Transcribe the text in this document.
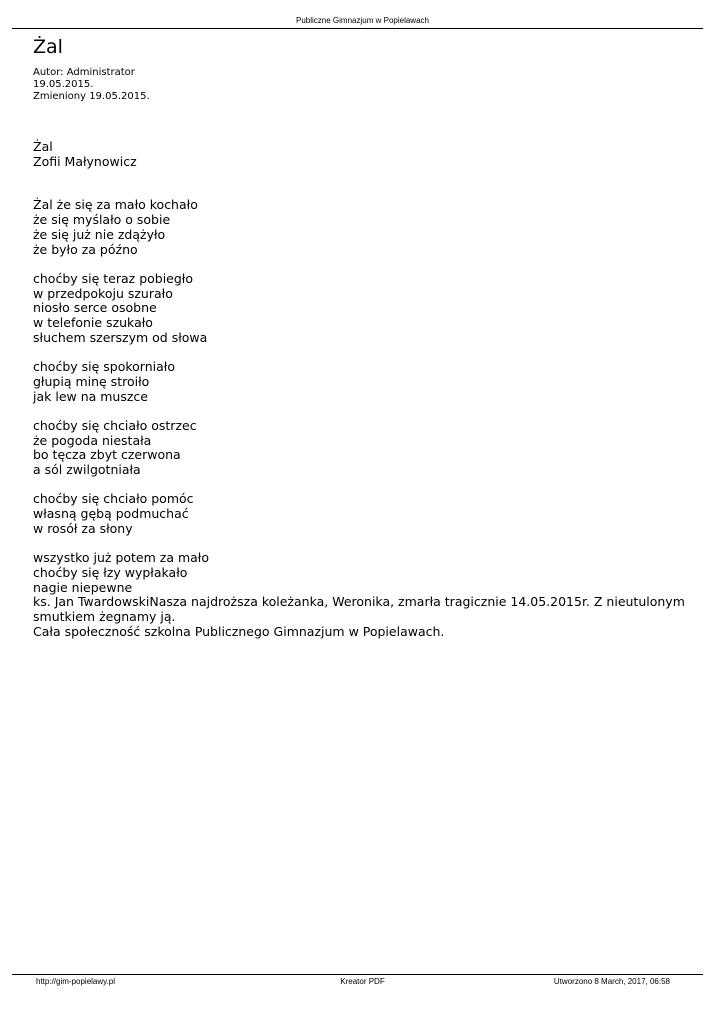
Publiczne Gimnazjum w Popielawach
Żal
Autor: Administrator
19.05.2015.
Zmieniony 19.05.2015.

Żal

Zofii Małynowicz

Żal że się za mało kochało
że się myślało o sobie
że się już nie zdążyło
że było za późno
choćby się teraz pobiegło
w przedpokoju szurało
niosło serce osobne
w telefonie szukało
słuchem szerszym od słowa
choćby się spokorniało
głupią minę stroiło
jak lew na muszce
choćby się chciało ostrzec
że pogoda niestała
bo tęcza zbyt czerwona
a sól zwilgotniała
choćby się chciało pomóc
własną gębą podmuchać
w rosół za słony
wszystko już potem za mało
choćby się łzy wypłakało
nagie niepewne

ks. Jan TwardowskiNasza najdroższa koleżanka, Weronika, zmarła tragicznie 14.05.2015r. Z nieutulonym smutkiem żegnamy ją.

Cała społeczność szkolna Publicznego Gimnazjum w Popielawach.

http://gim-popielawy.pl	Kreator PDF	Utworzono 8 March, 2017, 06:58
